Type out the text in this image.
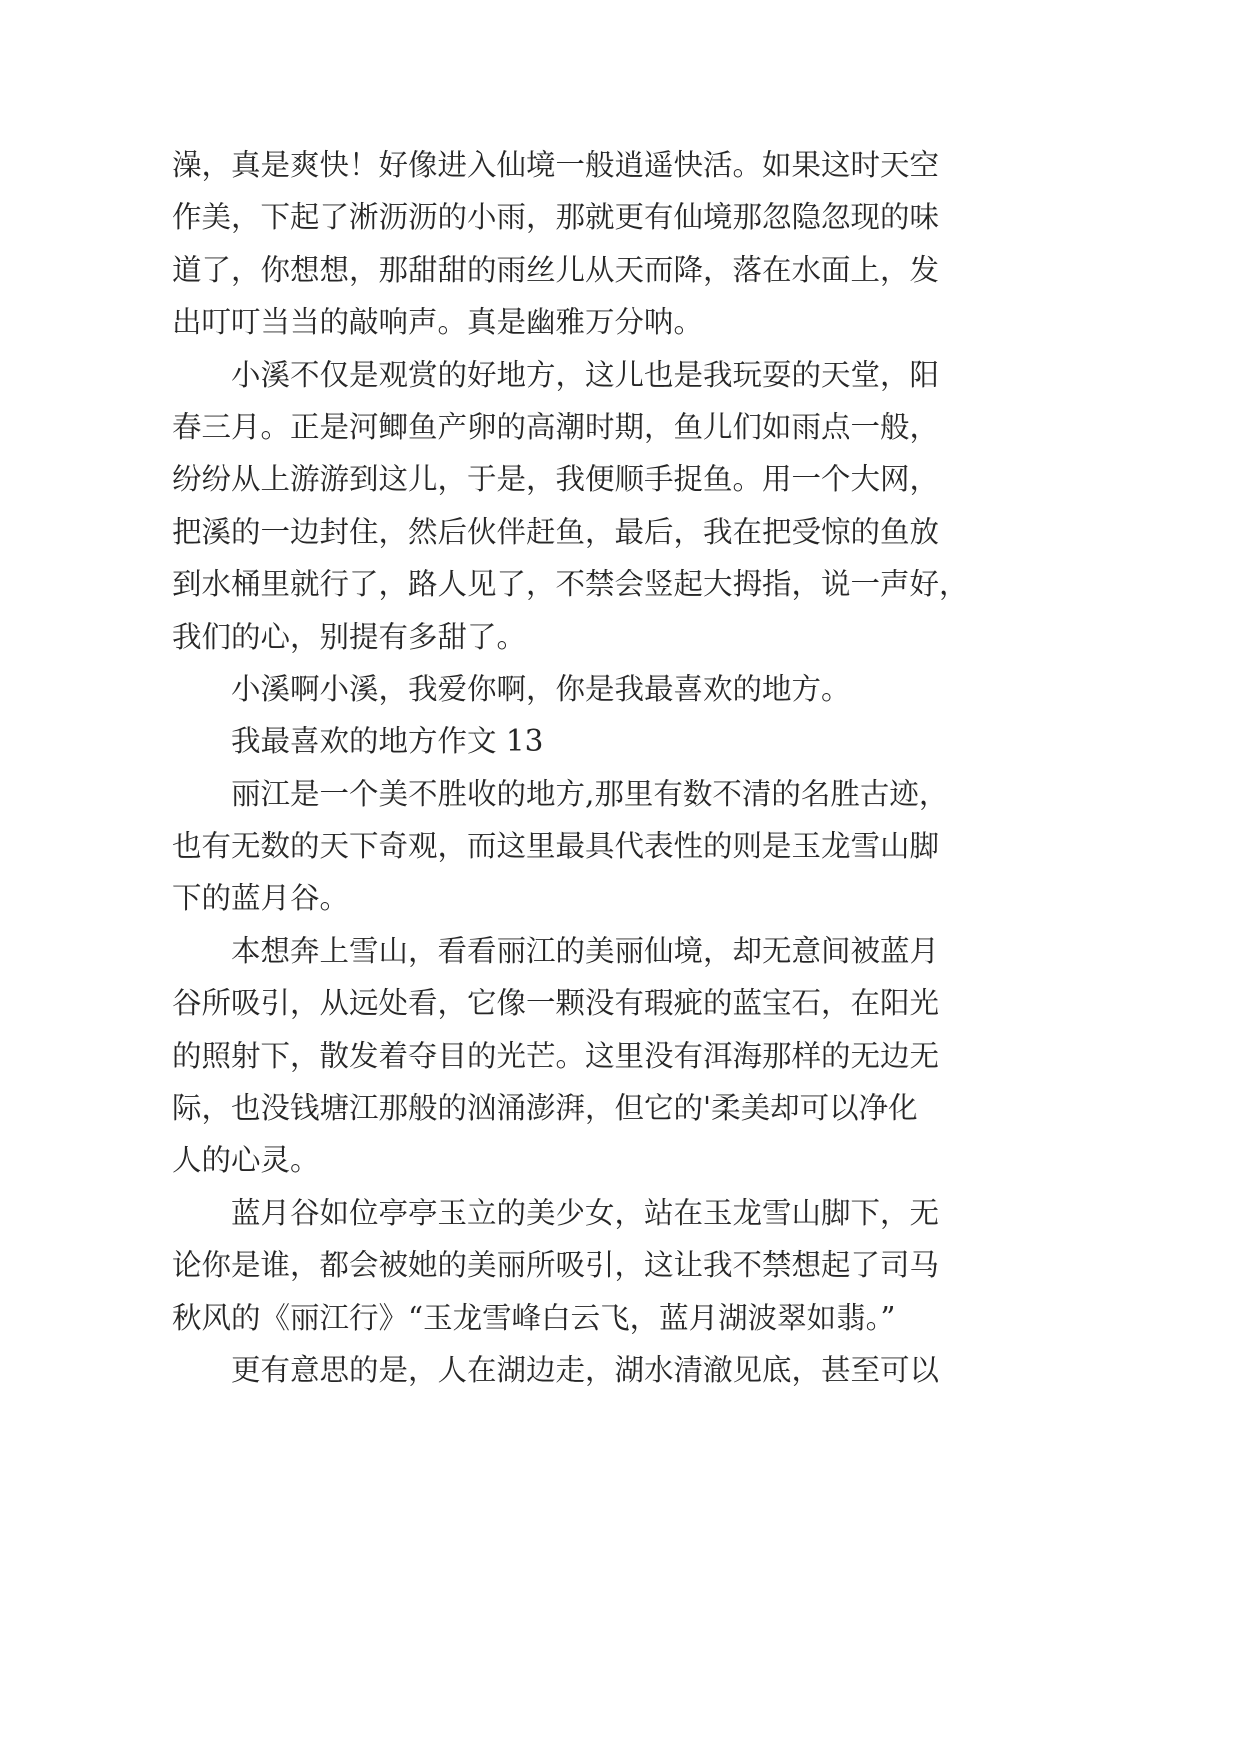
澡，真是爽快！好像进入仙境一般逍遥快活。如果这时天空
作美，下起了淅沥沥的小雨，那就更有仙境那忽隐忽现的味
道了，你想想，那甜甜的雨丝儿从天而降，落在水面上，发
出叮叮当当的敲响声。真是幽雅万分呐。
小溪不仅是观赏的好地方，这儿也是我玩耍的天堂，阳
春三月。正是河鲫鱼产卵的高潮时期，鱼儿们如雨点一般，
纷纷从上游游到这儿，于是，我便顺手捉鱼。用一个大网，
把溪的一边封住，然后伙伴赶鱼，最后，我在把受惊的鱼放
到水桶里就行了，路人见了，不禁会竖起大拇指，说一声好，
我们的心，别提有多甜了。
小溪啊小溪，我爱你啊，你是我最喜欢的地方。
我最喜欢的地方作文 13
丽江是一个美不胜收的地方,那里有数不清的名胜古迹，
也有无数的天下奇观，而这里最具代表性的则是玉龙雪山脚
下的蓝月谷。
本想奔上雪山，看看丽江的美丽仙境，却无意间被蓝月
谷所吸引，从远处看，它像一颗没有瑕疵的蓝宝石，在阳光
的照射下，散发着夺目的光芒。这里没有洱海那样的无边无
际，也没钱塘江那般的汹涌澎湃，但它的'柔美却可以净化
人的心灵。
蓝月谷如位亭亭玉立的美少女，站在玉龙雪山脚下，无
论你是谁，都会被她的美丽所吸引，这让我不禁想起了司马
秋风的《丽江行》“玉龙雪峰白云飞，蓝月湖波翠如翡。”
更有意思的是，人在湖边走，湖水清澈见底，甚至可以
